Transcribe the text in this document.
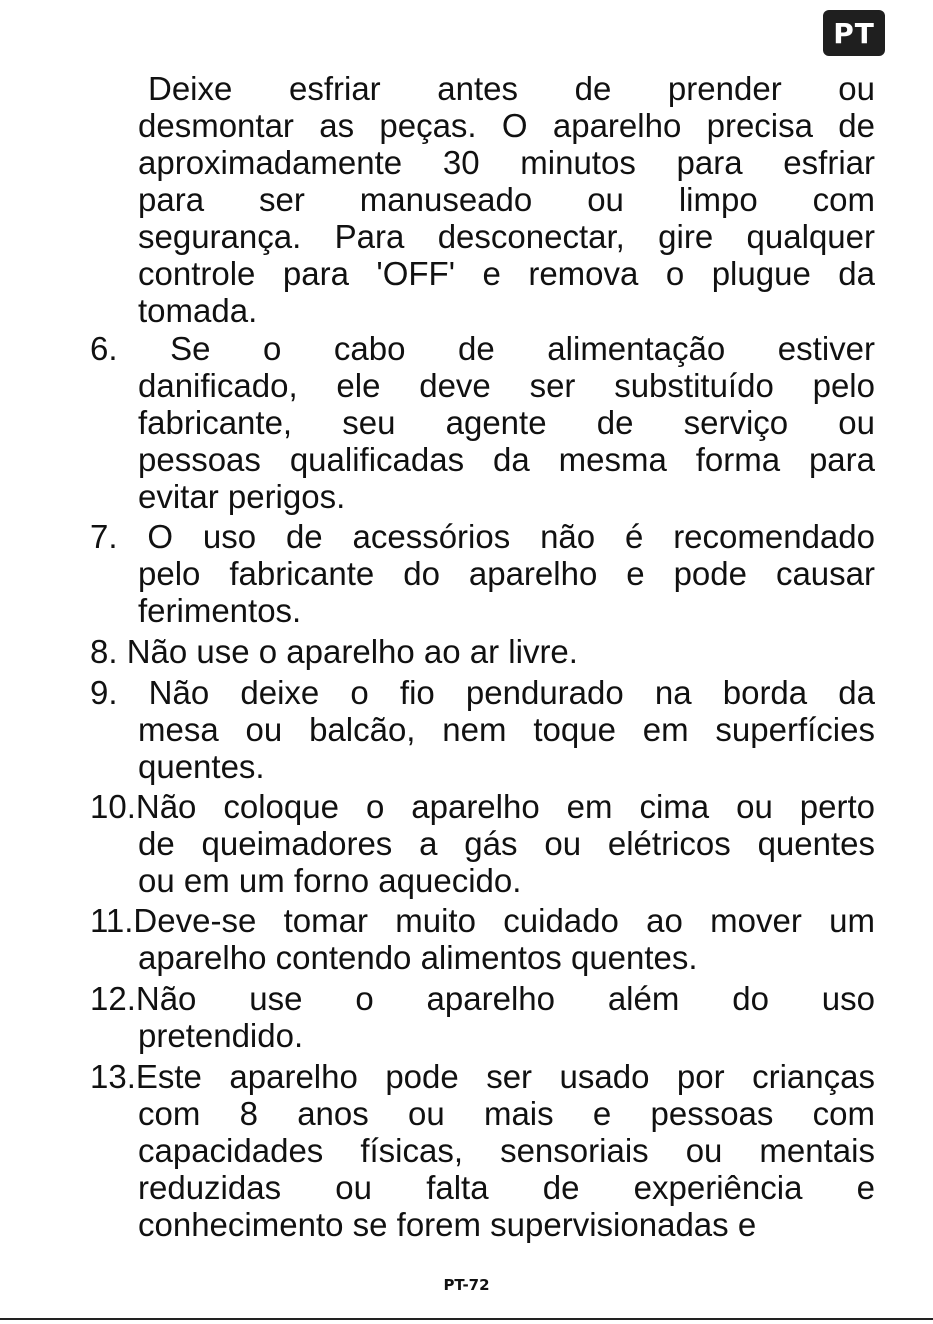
PT
Deixe esfriar antes de prender ou
desmontar as peças. O aparelho precisa de
aproximadamente 30 minutos para esfriar
para ser manuseado ou limpo com
segurança. Para desconectar, gire qualquer
controle para 'OFF' e remova o plugue da
tomada.
6. Se o cabo de alimentação estiver
danificado, ele deve ser substituído pelo
fabricante, seu agente de serviço ou
pessoas qualificadas da mesma forma para
evitar perigos.
7. O uso de acessórios não é recomendado
pelo fabricante do aparelho e pode causar
ferimentos.
8. Não use o aparelho ao ar livre.
9. Não deixe o fio pendurado na borda da
mesa ou balcão, nem toque em superfícies
quentes.
10.Não coloque o aparelho em cima ou perto
de queimadores a gás ou elétricos quentes
ou em um forno aquecido.
11.Deve-se tomar muito cuidado ao mover um
aparelho contendo alimentos quentes.
12.Não use o aparelho além do uso
pretendido.
13.Este aparelho pode ser usado por crianças
com 8 anos ou mais e pessoas com
capacidades físicas, sensoriais ou mentais
reduzidas ou falta de experiência e
conhecimento se forem supervisionadas e
PT-72
